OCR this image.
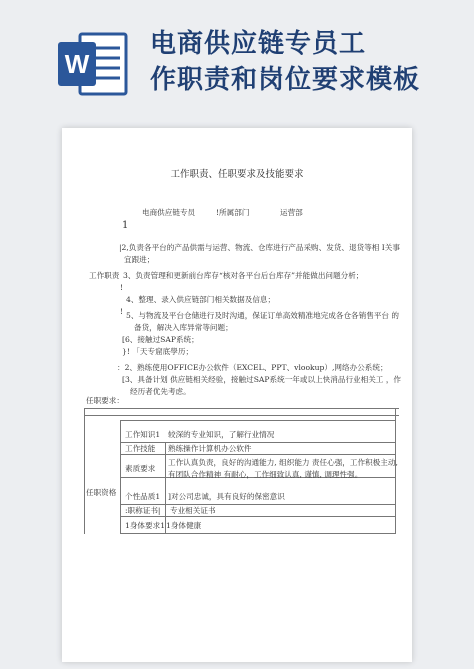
W
电商供应链专员工
作职责和岗位要求模板
工作职责、任职要求及技能要求
电商供应链专员	!所属部门	运营部
1
|2,负责各平台的产品供需与运营、物流、仓库进行产品采购、发货、退货等相 I关事
宜跟进；
工作职责 3、负责管理和更新前台库存“核对各平台后台库存”并能做出问题分析；
!
4、整理、录入供应链部门相关数据及信息；
! 5、与物流及平台仓储进行及时沟通，保证订单高效精准地完成各仓各销售平台 的
备货，解决入库异常等问题；
[6、接触过SAP系统；
}! 「天专窟底學历；
：2、熟练使用OFFICE办公软件（EXCEL、PPT、vlookup）,网络办公系统；
[3、具备计划 供应链相关经验，接触过SAP系统一年或以上快消品行业相关工 ，作
经历者优先考虑。
任职要求：
任职资格
工作知识1 较深的专业知识，了解行业情况
工作技能 熟练操作计算机办公软件
素质要求
工作认真负责，良好的沟通能力, 组织能力 责任心强，工作积极主动,
有团队合作精神 有耐心，工作细致认真, 谨慎, 调理性强。
个性品质1 ]对公司忠诚，具有良好的保密意识
:职称证书| 专业相关证书
1身体要求1 1身体健康
